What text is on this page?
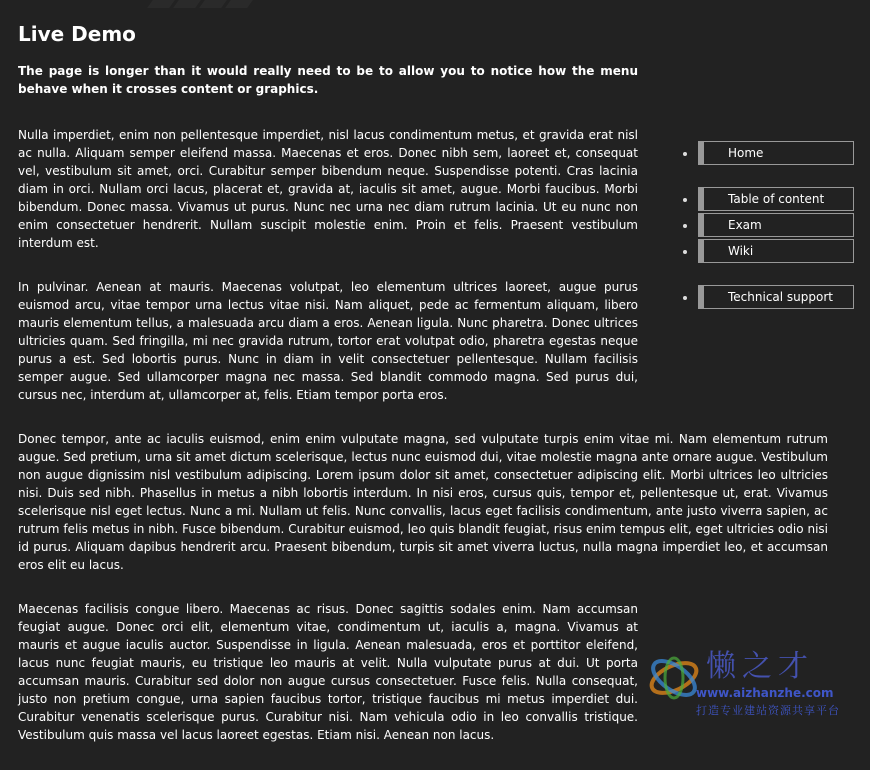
Live Demo

The page is longer than it would really need to be to allow you to notice how the menu behave when it crosses content or graphics.

Nulla imperdiet, enim non pellentesque imperdiet, nisl lacus condimentum metus, et gravida erat nisl ac nulla. Aliquam semper eleifend massa. Maecenas et eros. Donec nibh sem, laoreet et, consequat vel, vestibulum sit amet, orci. Curabitur semper bibendum neque. Suspendisse potenti. Cras lacinia diam in orci. Nullam orci lacus, placerat et, gravida at, iaculis sit amet, augue. Morbi faucibus. Morbi bibendum. Donec massa. Vivamus ut purus. Nunc nec urna nec diam rutrum lacinia. Ut eu nunc non enim consectetuer hendrerit. Nullam suscipit molestie enim. Proin et felis. Praesent vestibulum interdum est.

In pulvinar. Aenean at mauris. Maecenas volutpat, leo elementum ultrices laoreet, augue purus euismod arcu, vitae tempor urna lectus vitae nisi. Nam aliquet, pede ac fermentum aliquam, libero mauris elementum tellus, a malesuada arcu diam a eros. Aenean ligula. Nunc pharetra. Donec ultrices ultricies quam. Sed fringilla, mi nec gravida rutrum, tortor erat volutpat odio, pharetra egestas neque purus a est. Sed lobortis purus. Nunc in diam in velit consectetuer pellentesque. Nullam facilisis semper augue. Sed ullamcorper magna nec massa. Sed blandit commodo magna. Sed purus dui, cursus nec, interdum at, ullamcorper at, felis. Etiam tempor porta eros.

Donec tempor, ante ac iaculis euismod, enim enim vulputate magna, sed vulputate turpis enim vitae mi. Nam elementum rutrum augue. Sed pretium, urna sit amet dictum scelerisque, lectus nunc euismod dui, vitae molestie magna ante ornare augue. Vestibulum non augue dignissim nisl vestibulum adipiscing. Lorem ipsum dolor sit amet, consectetuer adipiscing elit. Morbi ultrices leo ultricies nisi. Duis sed nibh. Phasellus in metus a nibh lobortis interdum. In nisi eros, cursus quis, tempor et, pellentesque ut, erat. Vivamus scelerisque nisl eget lectus. Nunc a mi. Nullam ut felis. Nunc convallis, lacus eget facilisis condimentum, ante justo viverra sapien, ac rutrum felis metus in nibh. Fusce bibendum. Curabitur euismod, leo quis blandit feugiat, risus enim tempus elit, eget ultricies odio nisi id purus. Aliquam dapibus hendrerit arcu. Praesent bibendum, turpis sit amet viverra luctus, nulla magna imperdiet leo, et accumsan eros elit eu lacus.

Maecenas facilisis congue libero. Maecenas ac risus. Donec sagittis sodales enim. Nam accumsan feugiat augue. Donec orci elit, elementum vitae, condimentum ut, iaculis a, magna. Vivamus at mauris et augue iaculis auctor. Suspendisse in ligula. Aenean malesuada, eros et porttitor eleifend, lacus nunc feugiat mauris, eu tristique leo mauris at velit. Nulla vulputate purus at dui. Ut porta accumsan mauris. Curabitur sed dolor non augue cursus consectetuer. Fusce felis. Nulla consequat, justo non pretium congue, urna sapien faucibus tortor, tristique faucibus mi metus imperdiet dui. Curabitur venenatis scelerisque purus. Curabitur nisi. Nam vehicula odio in leo convallis tristique. Vestibulum quis massa vel lacus laoreet egestas. Etiam nisi. Aenean non lacus.

Home
Table of content
Exam
Wiki
Technical support
懒之才
www.aizhanzhe.com
打造专业建站资源共享平台
